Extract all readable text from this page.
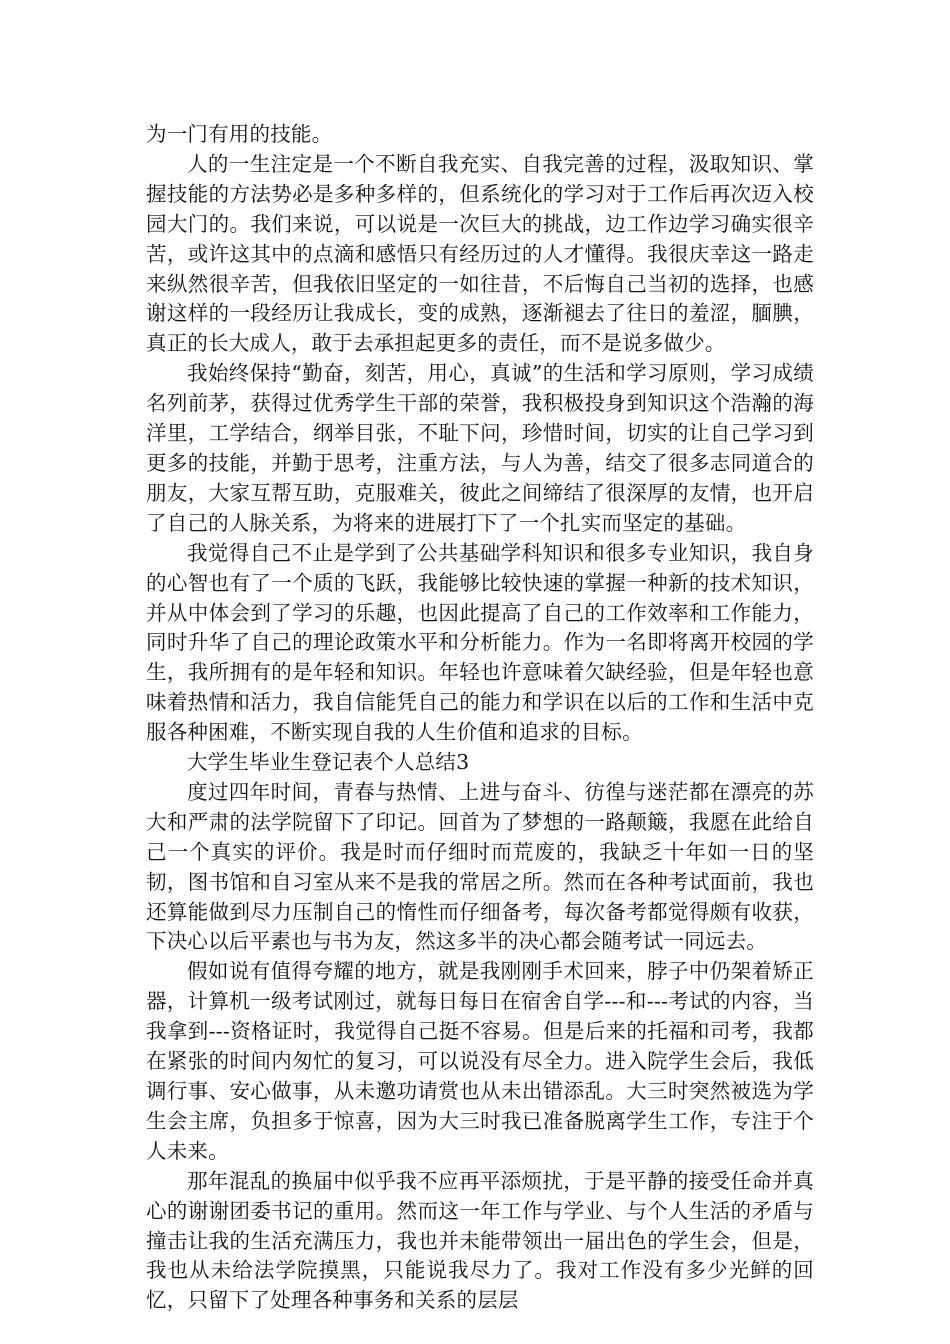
为一门有用的技能。

人的一生注定是一个不断自我充实、自我完善的过程，汲取知识、掌握技能的方法势必是多种多样的，但系统化的学习对于工作后再次迈入校园大门的。我们来说，可以说是一次巨大的挑战，边工作边学习确实很辛苦，或许这其中的点滴和感悟只有经历过的人才懂得。我很庆幸这一路走来纵然很辛苦，但我依旧坚定的一如往昔，不后悔自己当初的选择，也感谢这样的一段经历让我成长，变的成熟，逐渐褪去了往日的羞涩，腼腆，真正的长大成人，敢于去承担起更多的责任，而不是说多做少。

我始终保持“勤奋，刻苦，用心，真诚”的生活和学习原则，学习成绩名列前茅，获得过优秀学生干部的荣誉，我积极投身到知识这个浩瀚的海洋里，工学结合，纲举目张，不耻下问，珍惜时间，切实的让自己学习到更多的技能，并勤于思考，注重方法，与人为善，结交了很多志同道合的朋友，大家互帮互助，克服难关，彼此之间缔结了很深厚的友情，也开启了自己的人脉关系，为将来的进展打下了一个扎实而坚定的基础。

我觉得自己不止是学到了公共基础学科知识和很多专业知识，我自身的心智也有了一个质的飞跃，我能够比较快速的掌握一种新的技术知识，并从中体会到了学习的乐趣，也因此提高了自己的工作效率和工作能力，同时升华了自己的理论政策水平和分析能力。作为一名即将离开校园的学生，我所拥有的是年轻和知识。年轻也许意味着欠缺经验，但是年轻也意味着热情和活力，我自信能凭自己的能力和学识在以后的工作和生活中克服各种困难，不断实现自我的人生价值和追求的目标。

大学生毕业生登记表个人总结3

度过四年时间，青春与热情、上进与奋斗、彷徨与迷茫都在漂亮的苏大和严肃的法学院留下了印记。回首为了梦想的一路颠簸，我愿在此给自己一个真实的评价。我是时而仔细时而荒废的，我缺乏十年如一日的坚韧，图书馆和自习室从来不是我的常居之所。然而在各种考试面前，我也还算能做到尽力压制自己的惰性而仔细备考，每次备考都觉得颇有收获，下决心以后平素也与书为友，然这多半的决心都会随考试一同远去。

假如说有值得夸耀的地方，就是我刚刚手术回来，脖子中仍架着矫正器，计算机一级考试刚过，就每日每日在宿舍自学---和---考试的内容，当我拿到---资格证时，我觉得自己挺不容易。但是后来的托福和司考，我都在紧张的时间内匆忙的复习，可以说没有尽全力。进入院学生会后，我低调行事、安心做事，从未邀功请赏也从未出错添乱。大三时突然被选为学生会主席，负担多于惊喜，因为大三时我已准备脱离学生工作，专注于个人未来。

那年混乱的换届中似乎我不应再平添烦扰，于是平静的接受任命并真心的谢谢团委书记的重用。然而这一年工作与学业、与个人生活的矛盾与撞击让我的生活充满压力，我也并未能带领出一届出色的学生会，但是，我也从未给法学院摸黑，只能说我尽力了。我对工作没有多少光鲜的回忆，只留下了处理各种事务和关系的层层
